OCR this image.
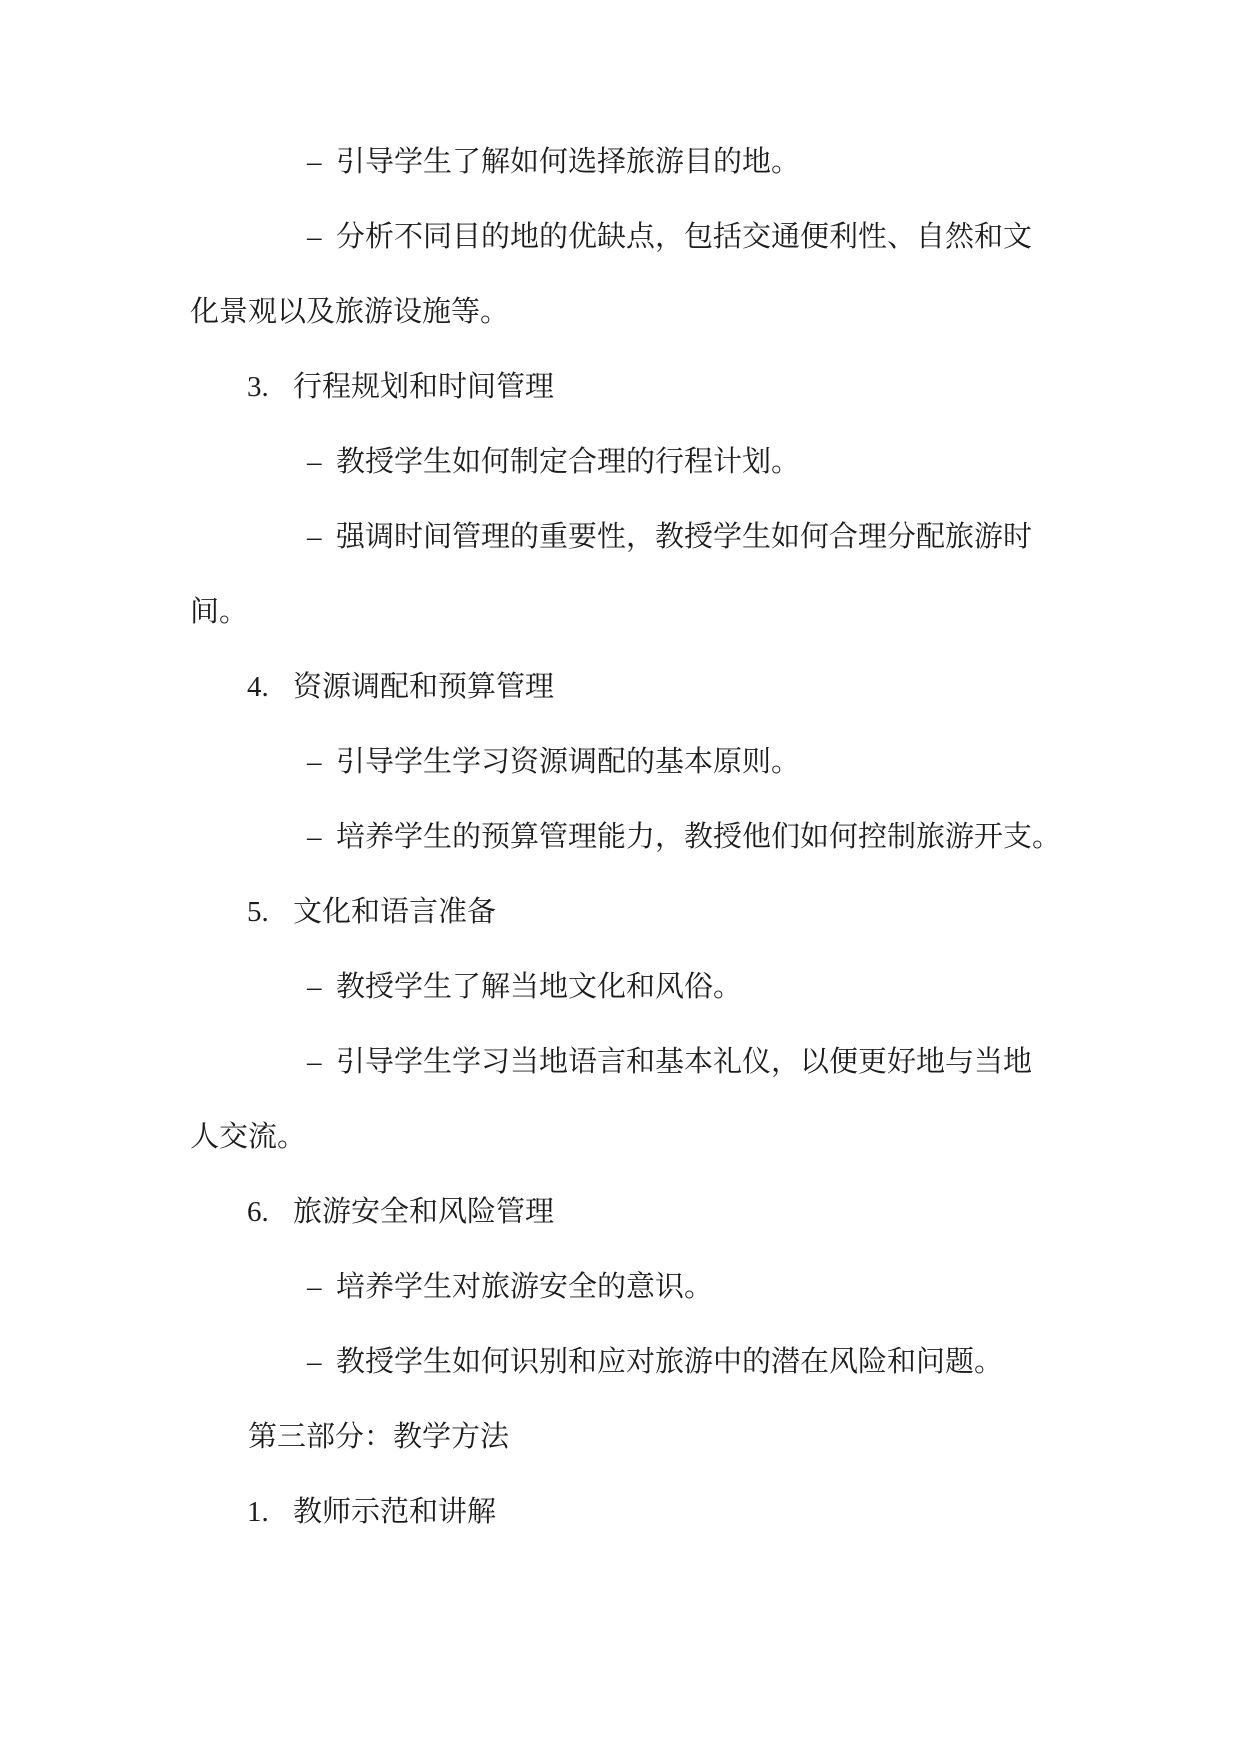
– 引导学生了解如何选择旅游目的地。
– 分析不同目的地的优缺点，包括交通便利性、自然和文
化景观以及旅游设施等。
3. 行程规划和时间管理
– 教授学生如何制定合理的行程计划。
– 强调时间管理的重要性，教授学生如何合理分配旅游时
间。
4. 资源调配和预算管理
– 引导学生学习资源调配的基本原则。
– 培养学生的预算管理能力，教授他们如何控制旅游开支。
5. 文化和语言准备
– 教授学生了解当地文化和风俗。
– 引导学生学习当地语言和基本礼仪，以便更好地与当地
人交流。
6. 旅游安全和风险管理
– 培养学生对旅游安全的意识。
– 教授学生如何识别和应对旅游中的潜在风险和问题。
第三部分：教学方法
1. 教师示范和讲解
